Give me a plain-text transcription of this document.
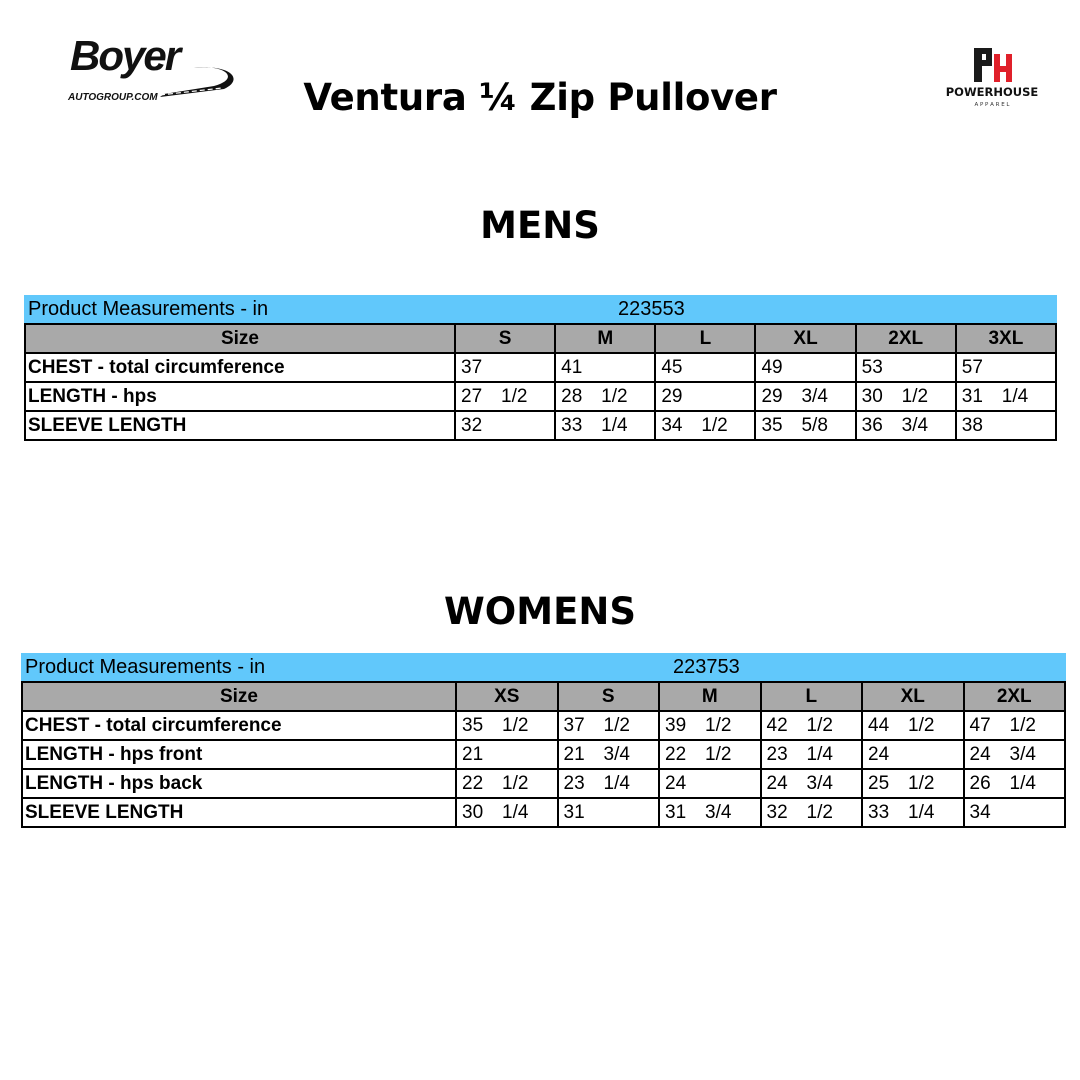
Boyer
AUTOGROUP.COM	Ventura ¼ Zip Pullover	POWERHOUSE
A P P A R E L
MENS
Product Measurements - in	223553
Size	S	M	L	XL	2XL	3XL
CHEST - total circumference	37	41	45	49	53	57
LENGTH - hps	27 1/2	28 1/2	29	29 3/4	30 1/2	31 1/4
SLEEVE LENGTH	32	33 1/4	34 1/2	35 5/8	36 3/4	38
WOMENS
Product Measurements - in	223753
Size	XS	S	M	L	XL	2XL
CHEST - total circumference	35 1/2	37 1/2	39 1/2	42 1/2	44 1/2	47 1/2
LENGTH - hps front	21	21 3/4	22 1/2	23 1/4	24	24 3/4
LENGTH - hps back	22 1/2	23 1/4	24	24 3/4	25 1/2	26 1/4
SLEEVE LENGTH	30 1/4	31	31 3/4	32 1/2	33 1/4	34
